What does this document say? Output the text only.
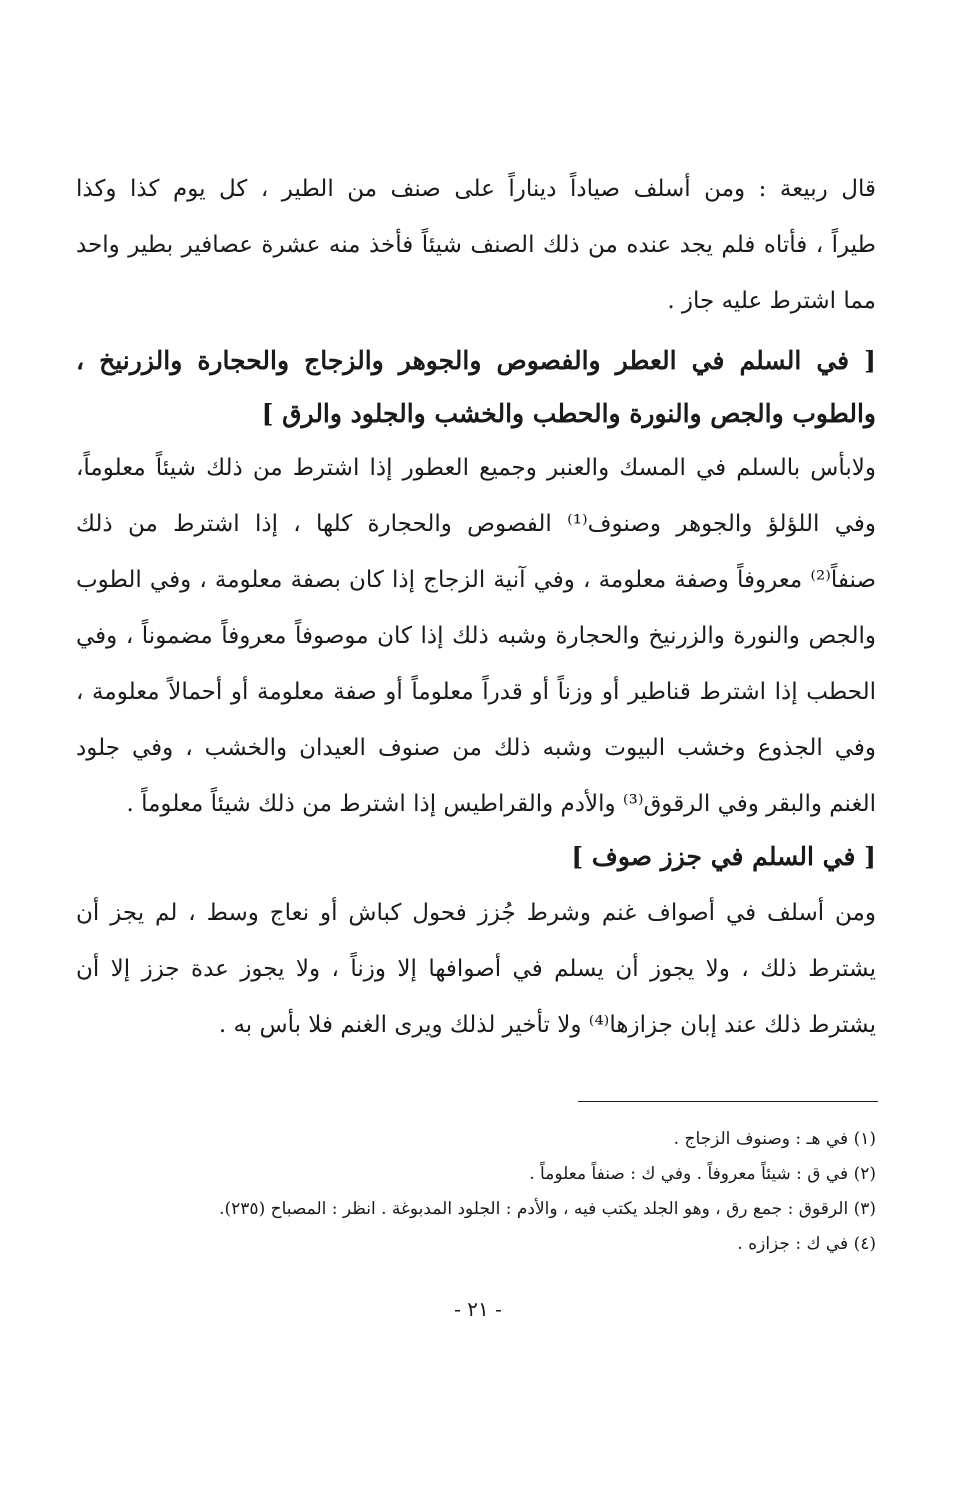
قال ربيعة : ومن أسلف صياداً ديناراً على صنف من الطير ، كل يوم كذا وكذا
طيراً ، فأتاه فلم يجد عنده من ذلك الصنف شيئاً فأخذ منه عشرة عصافير بطير واحد
مما اشترط عليه جاز .
[ في السلم في العطر والفصوص والجوهر والزجاج والحجارة والزرنيخ ،
والطوب والجص والنورة والحطب والخشب والجلود والرق ]
ولابأس بالسلم في المسك والعنبر وجميع العطور إذا اشترط من ذلك شيئاً معلوماً،
وفي اللؤلؤ والجوهر وصنوف⁽¹⁾ الفصوص والحجارة كلها ، إذا اشترط من ذلك
صنفاً⁽²⁾ معروفاً وصفة معلومة ، وفي آنية الزجاج إذا كان بصفة معلومة ، وفي الطوب
والجص والنورة والزرنيخ والحجارة وشبه ذلك إذا كان موصوفاً معروفاً مضموناً ، وفي
الحطب إذا اشترط قناطير أو وزناً أو قدراً معلوماً أو صفة معلومة أو أحمالاً معلومة ،
وفي الجذوع وخشب البيوت وشبه ذلك من صنوف العيدان والخشب ، وفي جلود
الغنم والبقر وفي الرقوق⁽³⁾ والأدم والقراطيس إذا اشترط من ذلك شيئاً معلوماً .
[ في السلم في جزز صوف ]
ومن أسلف في أصواف غنم وشرط جُزز فحول كباش أو نعاج وسط ، لم يجز أن
يشترط ذلك ، ولا يجوز أن يسلم في أصوافها إلا وزناً ، ولا يجوز عدة جزز إلا أن
يشترط ذلك عند إبان جزازها⁽⁴⁾ ولا تأخير لذلك ويرى الغنم فلا بأس به .
(١) في هـ : وصنوف الزجاج .
(٢) في ق : شيئاً معروفاً . وفي ك : صنفاً معلوماً .
(٣) الرقوق : جمع رق ، وهو الجلد يكتب فيه ، والأدم : الجلود المدبوغة . انظر : المصباح (٢٣٥).
(٤) في ك : جزازه .
- ٢١ -
